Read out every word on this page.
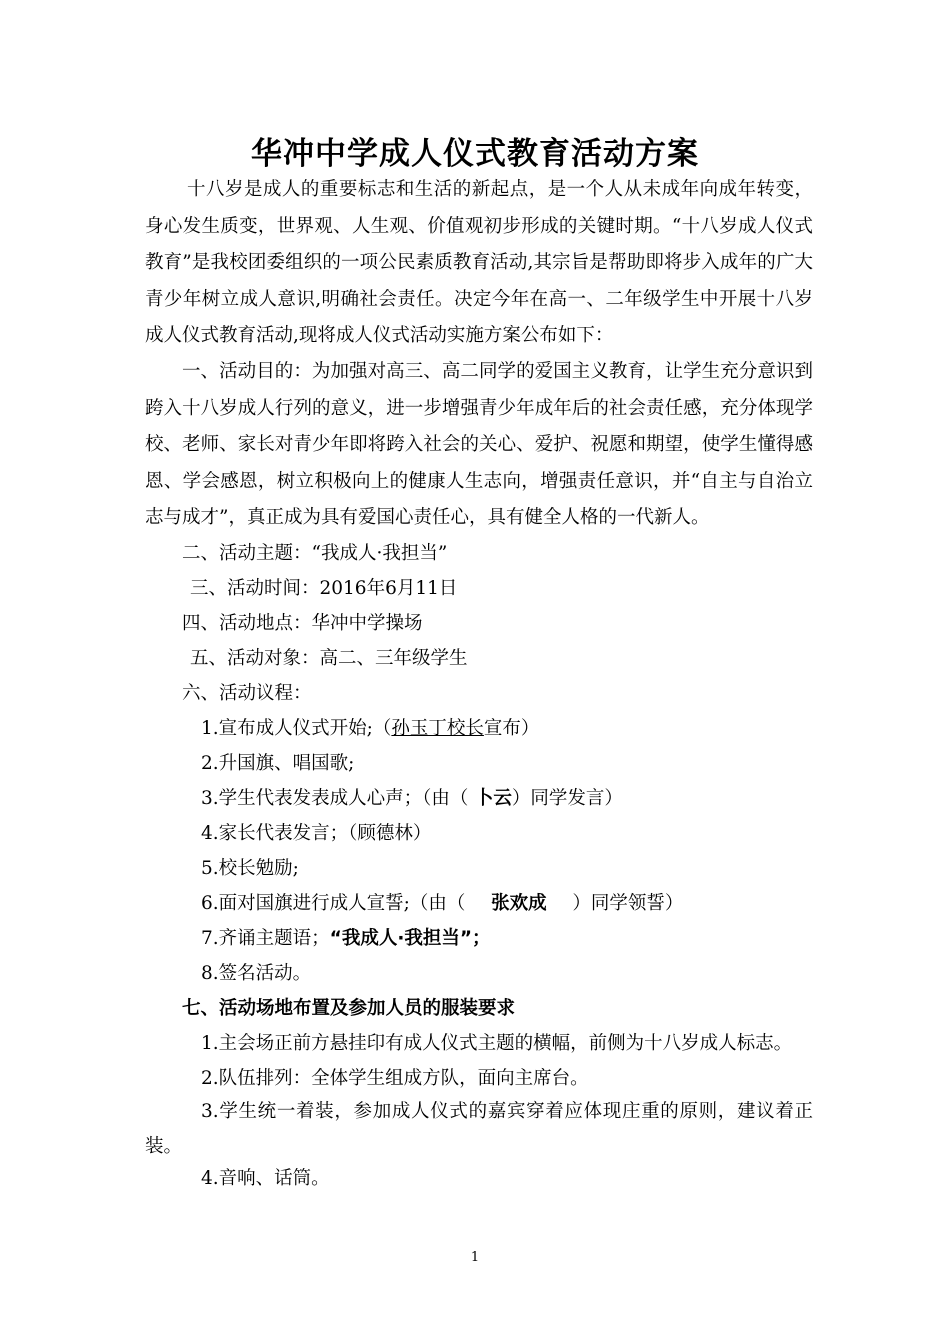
华冲中学成人仪式教育活动方案
十八岁是成人的重要标志和生活的新起点，是一个人从未成年向成年转变，身心发生质变，世界观、人生观、价值观初步形成的关键时期。“十八岁成人仪式教育”是我校团委组织的一项公民素质教育活动,其宗旨是帮助即将步入成年的广大青少年树立成人意识,明确社会责任。决定今年在高一、二年级学生中开展十八岁成人仪式教育活动,现将成人仪式活动实施方案公布如下：
一、活动目的：为加强对高三、高二同学的爱国主义教育，让学生充分意识到跨入十八岁成人行列的意义，进一步增强青少年成年后的社会责任感，充分体现学校、老师、家长对青少年即将跨入社会的关心、爱护、祝愿和期望，使学生懂得感恩、学会感恩，树立积极向上的健康人生志向，增强责任意识，并“自主与自治立志与成才”，真正成为具有爱国心责任心，具有健全人格的一代新人。
二、活动主题：“我成人·我担当”
三、活动时间：2016年6月11日
四、活动地点：华冲中学操场
五、活动对象：高二、三年级学生
六、活动议程：
1.宣布成人仪式开始;（孙玉丁校长宣布）
2.升国旗、唱国歌;
3.学生代表发表成人心声；（由（ 卜云）同学发言）
4.家长代表发言；（顾德林）
5.校长勉励;
6.面对国旗进行成人宣誓;（由（    张欢成    ）同学领誓）
7.齐诵主题语；“我成人·我担当”；
8.签名活动。
七、活动场地布置及参加人员的服装要求
1.主会场正前方悬挂印有成人仪式主题的横幅，前侧为十八岁成人标志。
2.队伍排列：全体学生组成方队，面向主席台。
3.学生统一着装，参加成人仪式的嘉宾穿着应体现庄重的原则，建议着正装。
4.音响、话筒。
1
